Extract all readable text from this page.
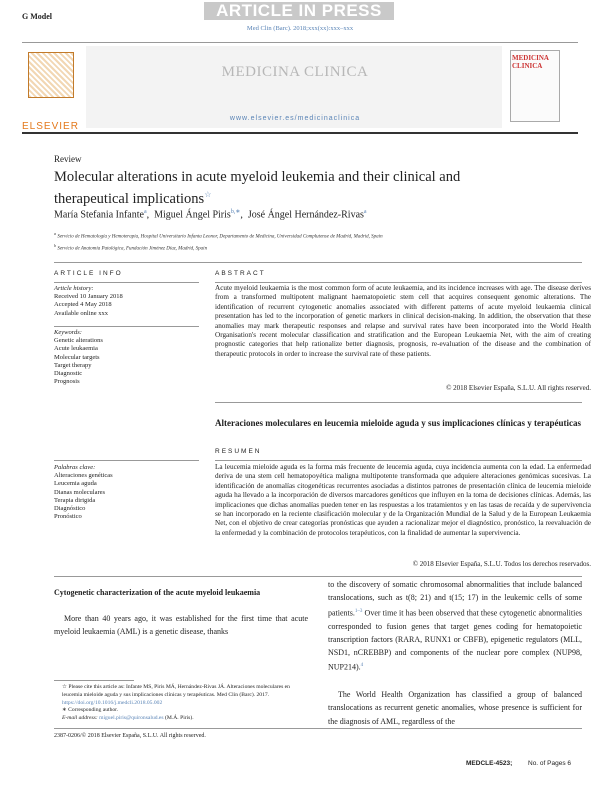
G Model	ARTICLE IN PRESS
Med Clin (Barc). 2018;xxx(xx):xxx–xxx
ELSEVIER
MEDICINA CLINICA
www.elsevier.es/medicinaclinica
MEDICINA CLINICA
Review
Molecular alterations in acute myeloid leukemia and their clinical and therapeutical implications☆
María Stefania Infante$^a$,  Miguel Ángel Piris$^{b,∗}$,  José Ángel Hernández-Rivas$^a$
$^a$ Servicio de Hematología y Hemoterapia, Hospital Universitario Infanta Leonor, Departamento de Medicina, Universidad Complutense de Madrid, Madrid, Spain
$^b$ Servicio de Anatomía Patológica, Fundación Jiménez Díaz, Madrid, Spain
ARTICLE INFO	ABSTRACT
Article history:
Received 10 January 2018
Accepted 4 May 2018
Available online xxx
Keywords:
Genetic alterations
Acute leukaemia
Molecular targets
Target therapy
Diagnostic
Prognosis
Acute myeloid leukaemia is the most common form of acute leukaemia, and its incidence increases with age. The disease derives from a transformed multipotent malignant haematopoietic stem cell that acquires consequent genomic alterations. The identification of recurrent cytogenetic anomalies associated with different patterns of acute myeloid leukaemia clinical presentation has led to the incorporation of genetic markers in clinical decision-making. In addition, the observation that these anomalies may mark therapeutic responses and relapse and survival rates have been incorporated into the World Health Organisation's recent molecular classification and stratification and the European Leukaemia Net, with the aim of creating prognostic categories that help rationalize better diagnosis, prognosis, re-evaluation of the disease and the combination of therapeutic protocols in order to increase the survival rate of these patients.
© 2018 Elsevier España, S.L.U. All rights reserved.
Alteraciones moleculares en leucemia mieloide aguda y sus implicaciones clínicas y terapéuticas
RESUMEN
Palabras clave:
Alteraciones genéticas
Leucemia aguda
Dianas moleculares
Terapia dirigida
Diagnóstico
Pronóstico
La leucemia mieloide aguda es la forma más frecuente de leucemia aguda, cuya incidencia aumenta con la edad. La enfermedad deriva de una stem cell hematopoyética maligna multipotente transformada que adquiere alteraciones genómicas sucesivas. La identificación de anomalías citogenéticas recurrentes asociadas a distintos patrones de presentación clínica de leucemia mieloide aguda ha llevado a la incorporación de diversos marcadores genéticos que influyen en la toma de decisiones clínicas. Además, las implicaciones que dichas anomalías pueden tener en las respuestas a los tratamientos y en las tasas de recaída y de supervivencia se han incorporado en la reciente clasificación molecular y de la Organización Mundial de la Salud y de la European Leukaemia Net, con el objetivo de crear categorías pronósticas que ayuden a racionalizar mejor el diagnóstico, pronóstico, la reevaluación de la enfermedad y la combinación de protocolos terapéuticos, con la finalidad de aumentar la supervivencia.
© 2018 Elsevier España, S.L.U. Todos los derechos reservados.
Cytogenetic characterization of the acute myeloid leukaemia
More than 40 years ago, it was established for the first time that acute myeloid leukaemia (AML) is a genetic disease, thanks
to the discovery of somatic chromosomal abnormalities that include balanced translocations, such as t(8; 21) and t(15; 17) in the leukemic cells of some patients.$^{1-3}$ Over time it has been observed that these cytogenetic abnormalities corresponded to fusion genes that target genes coding for hematopoietic transcription factors (RARA, RUNX1 or CBFB), epigenetic regulators (MLL, NSD1, nCREBBP) and components of the nuclear pore complex (NUP98, NUP214).$^4$
The World Health Organization has classified a group of balanced translocations as recurrent genetic anomalies, whose presence is sufficient for the diagnosis of AML, regardless of the
☆ Please cite this article as: Infante MS, Piris MÁ, Hernández-Rivas JÁ. Alteraciones moleculares en leucemia mieloide aguda y sus implicaciones clínicas y terapéuticas. Med Clin (Barc). 2017. https://doi.org/10.1016/j.medcli.2018.05.002
∗ Corresponding author.
E-mail address: miguel.piris@quironsalud.es (M.Á. Piris).
2387-0206/© 2018 Elsevier España, S.L.U. All rights reserved.
MEDCLE-4523; No. of Pages 6
